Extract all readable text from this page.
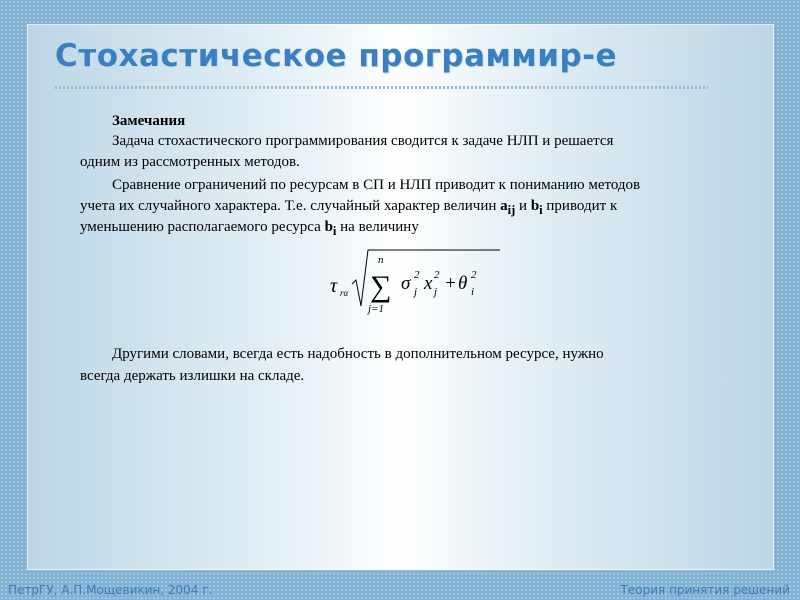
Стохастическое программир-е
Замечания
Задача стохастического программирования сводится к задаче НЛП и решается
одним из рассмотренных методов.
Сравнение ограничений по ресурсам в СП и НЛП приводит к пониманию методов
учета их случайного характера. Т.е. случайный характер величин $a_{ij}$ и $b_i$ приводит к
уменьшению располагаемого ресурса $b_i$ на величину
Другими словами, всегда есть надобность в дополнительном ресурсе, нужно
всегда держать излишки на складе.
τ rα
n
∑
j=1
σ 2
j x 2
j + θ 2
i
ПетрГУ, А.П.Мощевикин, 2004 г.	Теория принятия решений
